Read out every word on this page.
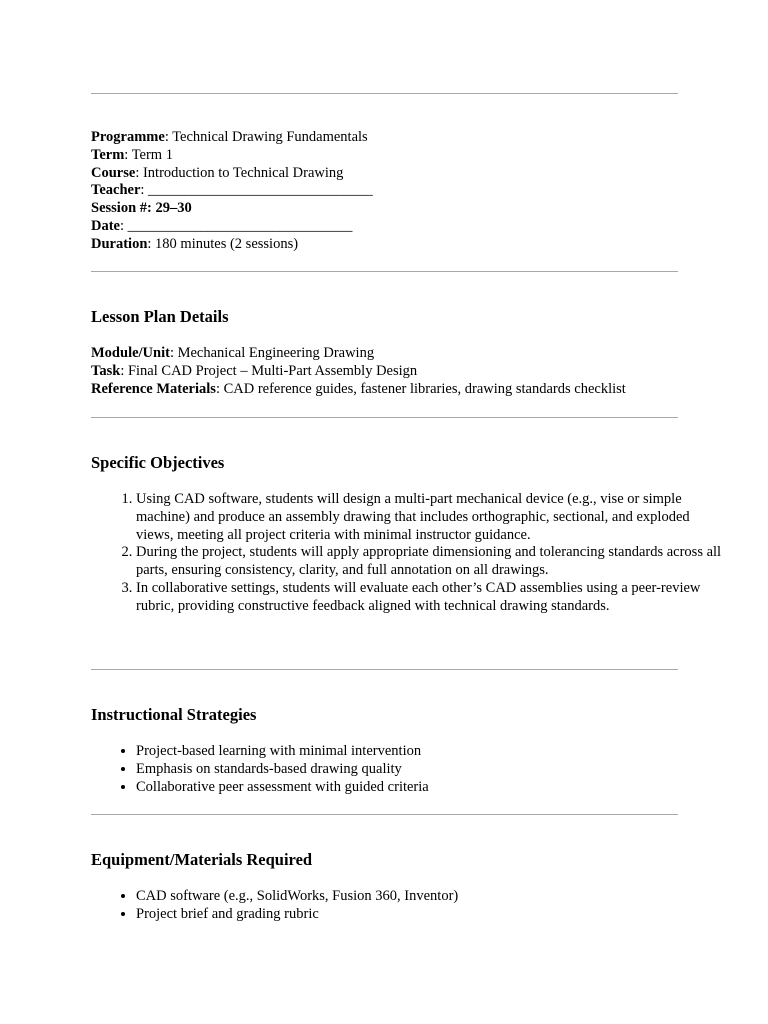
Programme: Technical Drawing Fundamentals
Term: Term 1
Course: Introduction to Technical Drawing
Teacher: _______________________________
Session #: 29–30
Date: _______________________________
Duration: 180 minutes (2 sessions)
Lesson Plan Details
Module/Unit: Mechanical Engineering Drawing
Task: Final CAD Project – Multi-Part Assembly Design
Reference Materials: CAD reference guides, fastener libraries, drawing standards checklist
Specific Objectives
1. Using CAD software, students will design a multi-part mechanical device (e.g., vise or simple machine) and produce an assembly drawing that includes orthographic, sectional, and exploded views, meeting all project criteria with minimal instructor guidance.
2. During the project, students will apply appropriate dimensioning and tolerancing standards across all parts, ensuring consistency, clarity, and full annotation on all drawings.
3. In collaborative settings, students will evaluate each other’s CAD assemblies using a peer-review rubric, providing constructive feedback aligned with technical drawing standards.
Instructional Strategies
• Project-based learning with minimal intervention
• Emphasis on standards-based drawing quality
• Collaborative peer assessment with guided criteria
Equipment/Materials Required
• CAD software (e.g., SolidWorks, Fusion 360, Inventor)
• Project brief and grading rubric
